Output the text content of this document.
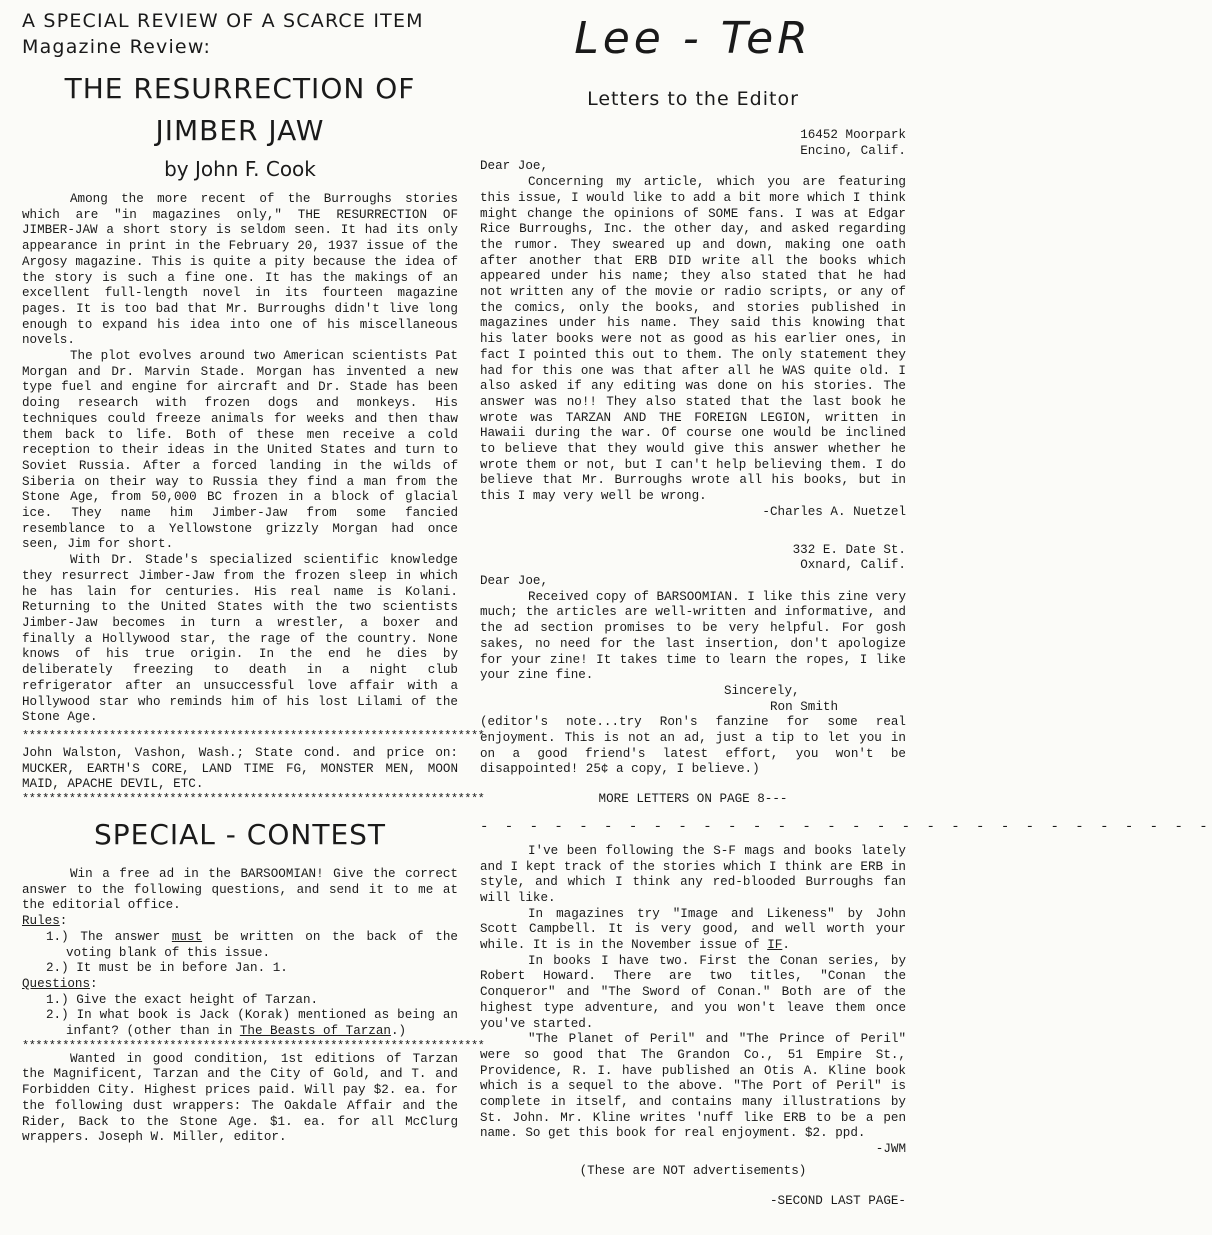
A SPECIAL REVIEW OF A SCARCE ITEM
Magazine Review:
THE RESURRECTION OF JIMBER JAW
by John F. Cook

Among the more recent of the Burroughs stories which are "in magazines only," THE RESURRECTION OF JIMBER-JAW a short story is seldom seen. It had its only appearance in print in the February 20, 1937 issue of the Argosy magazine. This is quite a pity because the idea of the story is such a fine one. It has the makings of an excellent full-length novel in its fourteen magazine pages. It is too bad that Mr. Burroughs didn't live long enough to expand his idea into one of his miscellaneous novels.

The plot evolves around two American scientists Pat Morgan and Dr. Marvin Stade. Morgan has invented a new type fuel and engine for aircraft and Dr. Stade has been doing research with frozen dogs and monkeys. His techniques could freeze animals for weeks and then thaw them back to life. Both of these men receive a cold reception to their ideas in the United States and turn to Soviet Russia. After a forced landing in the wilds of Siberia on their way to Russia they find a man from the Stone Age, from 50,000 BC frozen in a block of glacial ice. They name him Jimber-Jaw from some fancied resemblance to a Yellowstone grizzly Morgan had once seen, Jim for short.

With Dr. Stade's specialized scientific knowledge they resurrect Jimber-Jaw from the frozen sleep in which he has lain for centuries. His real name is Kolani. Returning to the United States with the two scientists Jimber-Jaw becomes in turn a wrestler, a boxer and finally a Hollywood star, the rage of the country. None knows of his true origin. In the end he dies by deliberately freezing to death in a night club refrigerator after an unsuccessful love affair with a Hollywood star who reminds him of his lost Lilami of the Stone Age.

*********************************************************************

John Walston, Vashon, Wash.; State cond. and price on: MUCKER, EARTH'S CORE, LAND TIME FG, MONSTER MEN, MOON MAID, APACHE DEVIL, ETC.

*********************************************************************
SPECIAL - CONTEST

Win a free ad in the BARSOOMIAN! Give the correct answer to the following questions, and send it to me at the editorial office.

Rules:

1.) The answer must be written on the back of the voting blank of this issue.

2.) It must be in before Jan. 1.

Questions:

1.) Give the exact height of Tarzan.

2.) In what book is Jack (Korak) mentioned as being an infant? (other than in The Beasts of Tarzan.)

*********************************************************************

Wanted in good condition, 1st editions of Tarzan the Magnificent, Tarzan and the City of Gold, and T. and Forbidden City. Highest prices paid. Will pay $2. ea. for the following dust wrappers: The Oakdale Affair and the Rider, Back to the Stone Age. $1. ea. for all McClurg wrappers. Joseph W. Miller, editor.

Lee - TeR
Letters to the Editor

16452 Moorpark

Encino, Calif.

Dear Joe,

Concerning my article, which you are featuring this issue, I would like to add a bit more which I think might change the opinions of SOME fans. I was at Edgar Rice Burroughs, Inc. the other day, and asked regarding the rumor. They sweared up and down, making one oath after another that ERB DID write all the books which appeared under his name; they also stated that he had not written any of the movie or radio scripts, or any of the comics, only the books, and stories published in magazines under his name. They said this knowing that his later books were not as good as his earlier ones, in fact I pointed this out to them. The only statement they had for this one was that after all he WAS quite old. I also asked if any editing was done on his stories. The answer was no!! They also stated that the last book he wrote was TARZAN AND THE FOREIGN LEGION, written in Hawaii during the war. Of course one would be inclined to believe that they would give this answer whether he wrote them or not, but I can't help believing them. I do believe that Mr. Burroughs wrote all his books, but in this I may very well be wrong.

-Charles A. Nuetzel

332 E. Date St.

Oxnard, Calif.

Dear Joe,

Received copy of BARSOOMIAN. I like this zine very much; the articles are well-written and informative, and the ad section promises to be very helpful. For gosh sakes, no need for the last insertion, don't apologize for your zine! It takes time to learn the ropes, I like your zine fine.

Sincerely,

Ron Smith

(editor's note...try Ron's fanzine for some real enjoyment. This is not an ad, just a tip to let you in on a good friend's latest effort, you won't be disappointed! 25¢ a copy, I believe.)

MORE LETTERS ON PAGE 8---

- - - - - - - - - - - - - - - - - - - - - - - - - - - - - -

I've been following the S-F mags and books lately and I kept track of the stories which I think are ERB in style, and which I think any red-blooded Burroughs fan will like.

In magazines try "Image and Likeness" by John Scott Campbell. It is very good, and well worth your while. It is in the November issue of IF.

In books I have two. First the Conan series, by Robert Howard. There are two titles, "Conan the Conqueror" and "The Sword of Conan." Both are of the highest type adventure, and you won't leave them once you've started.

"The Planet of Peril" and "The Prince of Peril" were so good that The Grandon Co., 51 Empire St., Providence, R. I. have published an Otis A. Kline book which is a sequel to the above. "The Port of Peril" is complete in itself, and contains many illustrations by St. John. Mr. Kline writes 'nuff like ERB to be a pen name. So get this book for real enjoyment. $2. ppd.

-JWM

(These are NOT advertisements)

-SECOND LAST PAGE-
